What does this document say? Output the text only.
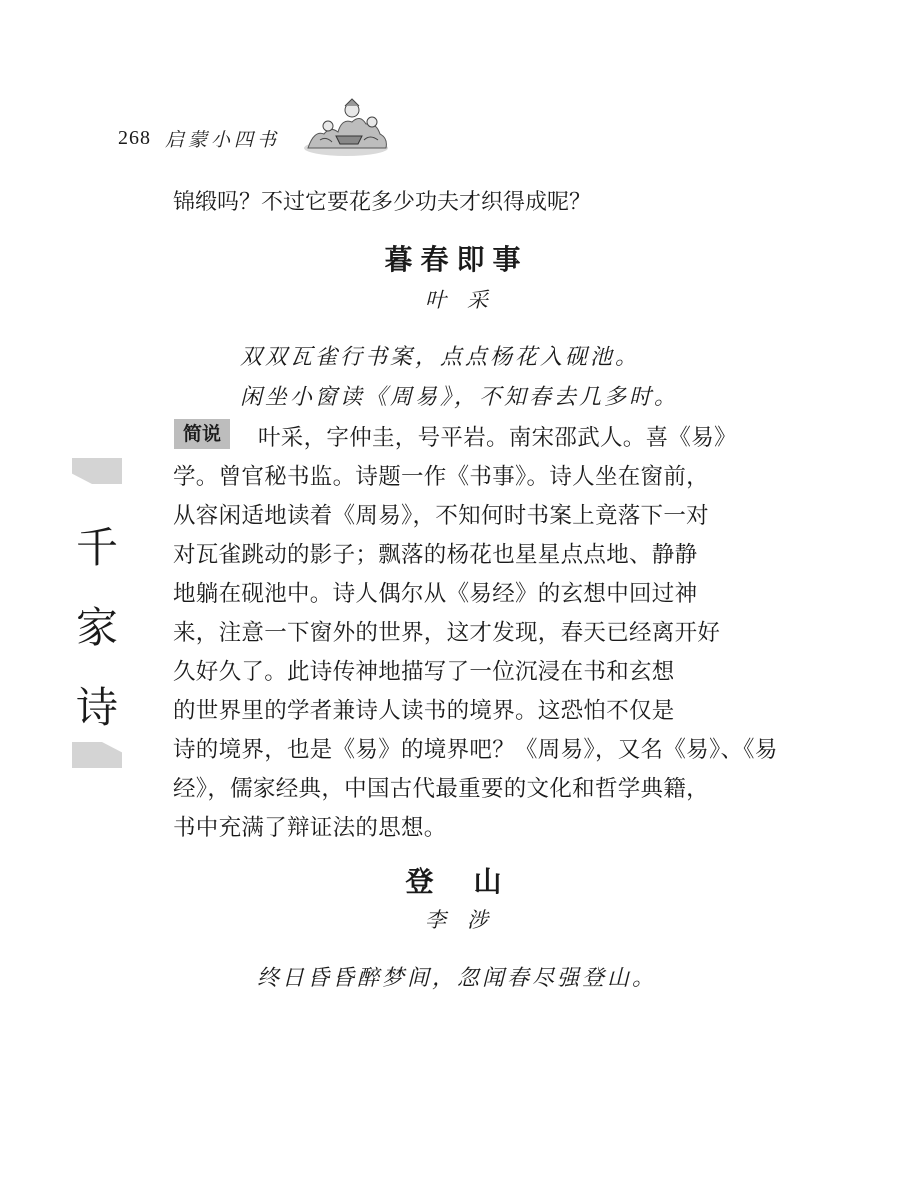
268 启蒙小四书
千
家
诗
锦缎吗？不过它要花多少功夫才织得成呢？
暮春即事
叶　采
双双瓦雀行书案，点点杨花入砚池。
闲坐小窗读《周易》，不知春去几多时。
简说	叶采，字仲圭，号平岩。南宋邵武人。喜《易》
学。曾官秘书监。诗题一作《书事》。诗人坐在窗前，
从容闲适地读着《周易》，不知何时书案上竟落下一对
对瓦雀跳动的影子；飘落的杨花也星星点点地、静静
地躺在砚池中。诗人偶尔从《易经》的玄想中回过神
来，注意一下窗外的世界，这才发现，春天已经离开好
久好久了。此诗传神地描写了一位沉浸在书和玄想
的世界里的学者兼诗人读书的境界。这恐怕不仅是
诗的境界，也是《易》的境界吧？《周易》，又名《易》、《易
经》，儒家经典，中国古代最重要的文化和哲学典籍，
书中充满了辩证法的思想。
登　山
李　涉
终日昏昏醉梦间，忽闻春尽强登山。
